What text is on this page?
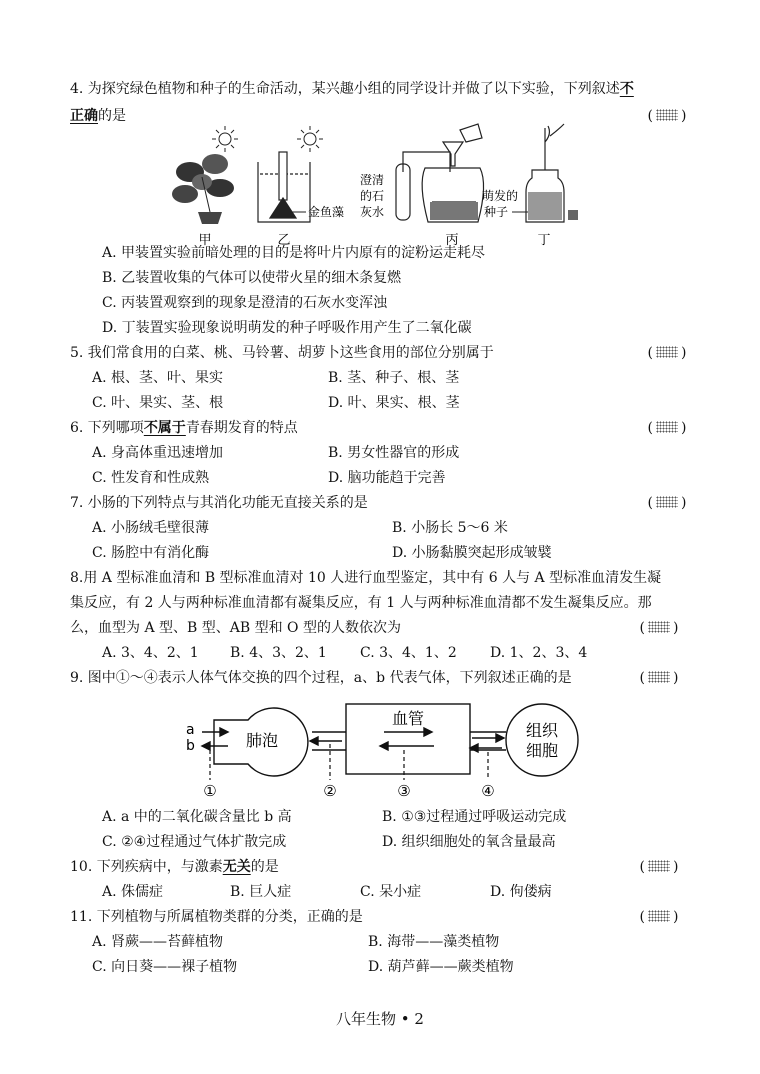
4. 为探究绿色植物和种子的生命活动，某兴趣小组的同学设计并做了以下实验，下列叙述不
正确的是	( )
甲
金鱼藻
乙
澄清
的石
灰水
丙
萌发的
种子
丁
A. 甲装置实验前暗处理的目的是将叶片内原有的淀粉运走耗尽
B. 乙装置收集的气体可以使带火星的细木条复燃
C. 丙装置观察到的现象是澄清的石灰水变浑浊
D. 丁装置实验现象说明萌发的种子呼吸作用产生了二氧化碳
5. 我们常食用的白菜、桃、马铃薯、胡萝卜这些食用的部位分别属于	( )
A. 根、茎、叶、果实	B. 茎、种子、根、茎
C. 叶、果实、茎、根	D. 叶、果实、根、茎
6. 下列哪项不属于青春期发育的特点	( )
A. 身高体重迅速增加	B. 男女性器官的形成
C. 性发育和性成熟	D. 脑功能趋于完善
7. 小肠的下列特点与其消化功能无直接关系的是	( )
A. 小肠绒毛壁很薄	B. 小肠长 5～6 米
C. 肠腔中有消化酶	D. 小肠黏膜突起形成皱襞
8.用 A 型标准血清和 B 型标准血清对 10 人进行血型鉴定，其中有 6 人与 A 型标准血清发生凝
集反应，有 2 人与两种标准血清都有凝集反应，有 1 人与两种标准血清都不发生凝集反应。那
么，血型为 A 型、B 型、AB 型和 O 型的人数依次为	( )
A. 3、4、2、1 B. 4、3、2、1 C. 3、4、1、2 D. 1、2、3、4
9. 图中①～④表示人体气体交换的四个过程，a、b 代表气体，下列叙述正确的是	( )
a
b	肺泡
血管
组织
细胞
①	②	③	④
A. a 中的二氧化碳含量比 b 高	B. ①③过程通过呼吸运动完成
C. ②④过程通过气体扩散完成	D. 组织细胞处的氧含量最高
10. 下列疾病中，与激素无关的是	( )
A. 侏儒症	B. 巨人症	C. 呆小症	D. 佝偻病
11. 下列植物与所属植物类群的分类，正确的是	( )
A. 肾蕨——苔藓植物	B. 海带——藻类植物
C. 向日葵——裸子植物	D. 葫芦藓——蕨类植物
八年生物 • 2
